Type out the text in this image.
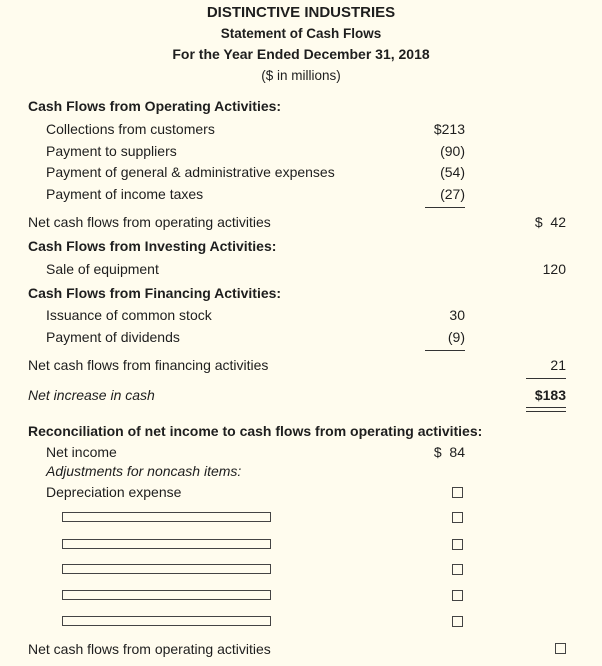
DISTINCTIVE INDUSTRIES
Statement of Cash Flows
For the Year Ended December 31, 2018
($ in millions)
Cash Flows from Operating Activities:
Collections from customers	$213
Payment to suppliers	(90)
Payment of general & administrative expenses	(54)
Payment of income taxes	(27)
Net cash flows from operating activities	$  42
Cash Flows from Investing Activities:
Sale of equipment	120
Cash Flows from Financing Activities:
Issuance of common stock	30
Payment of dividends	(9)
Net cash flows from financing activities	21
Net increase in cash	$183
Reconciliation of net income to cash flows from operating activities:
Net income	$  84
Adjustments for noncash items:
Depreciation expense
Net cash flows from operating activities
